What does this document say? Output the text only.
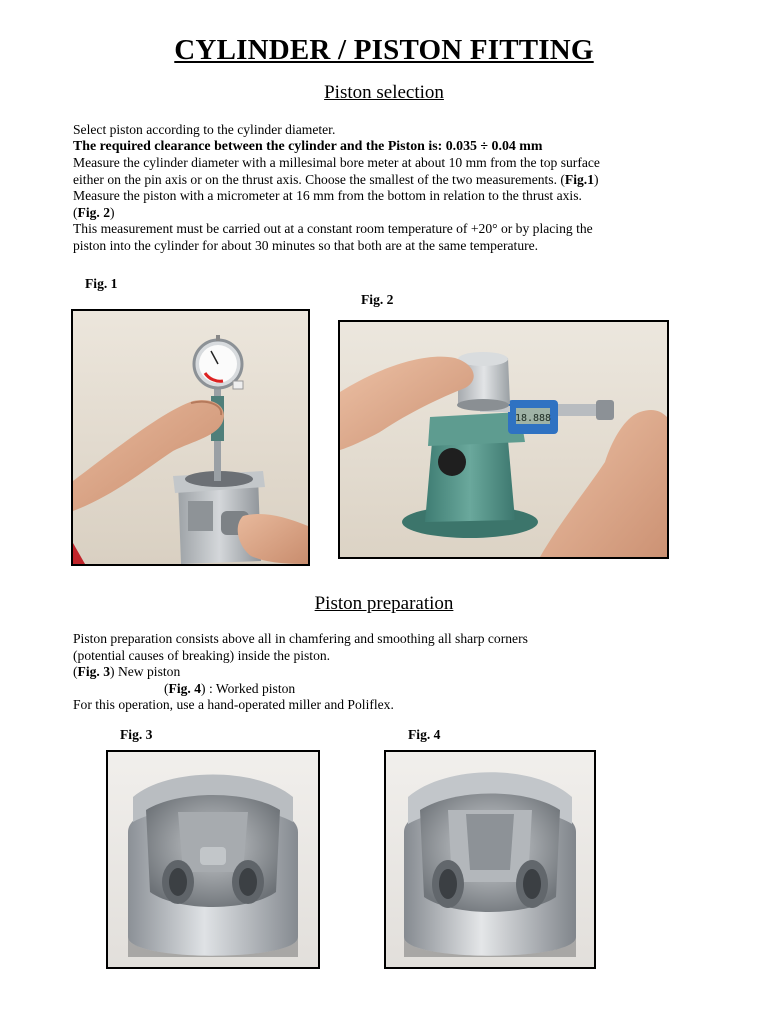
CYLINDER / PISTON FITTING
Piston selection

Select piston according to the cylinder diameter.

The required clearance between the cylinder and the Piston is: 0.035 ÷ 0.04 mm

Measure the cylinder diameter with a millesimal bore meter at about 10 mm from the top surface

either on the pin axis or on the thrust axis. Choose the smallest of the two measurements. (Fig.1)

Measure the piston with a micrometer at 16 mm from the bottom in relation to the thrust axis.

(Fig. 2)

This measurement must be carried out at a constant room temperature of +20° or by placing the

piston into the cylinder for about 30 minutes so that both are at the same temperature.

Fig. 1
Fig. 2
18.888
Piston preparation

Piston preparation consists above all in chamfering and smoothing all sharp corners

(potential causes of breaking) inside the piston.

(Fig. 3) New piston

(Fig. 4) : Worked piston

For this operation, use a hand-operated miller and Poliflex.

Fig. 3	Fig. 4
